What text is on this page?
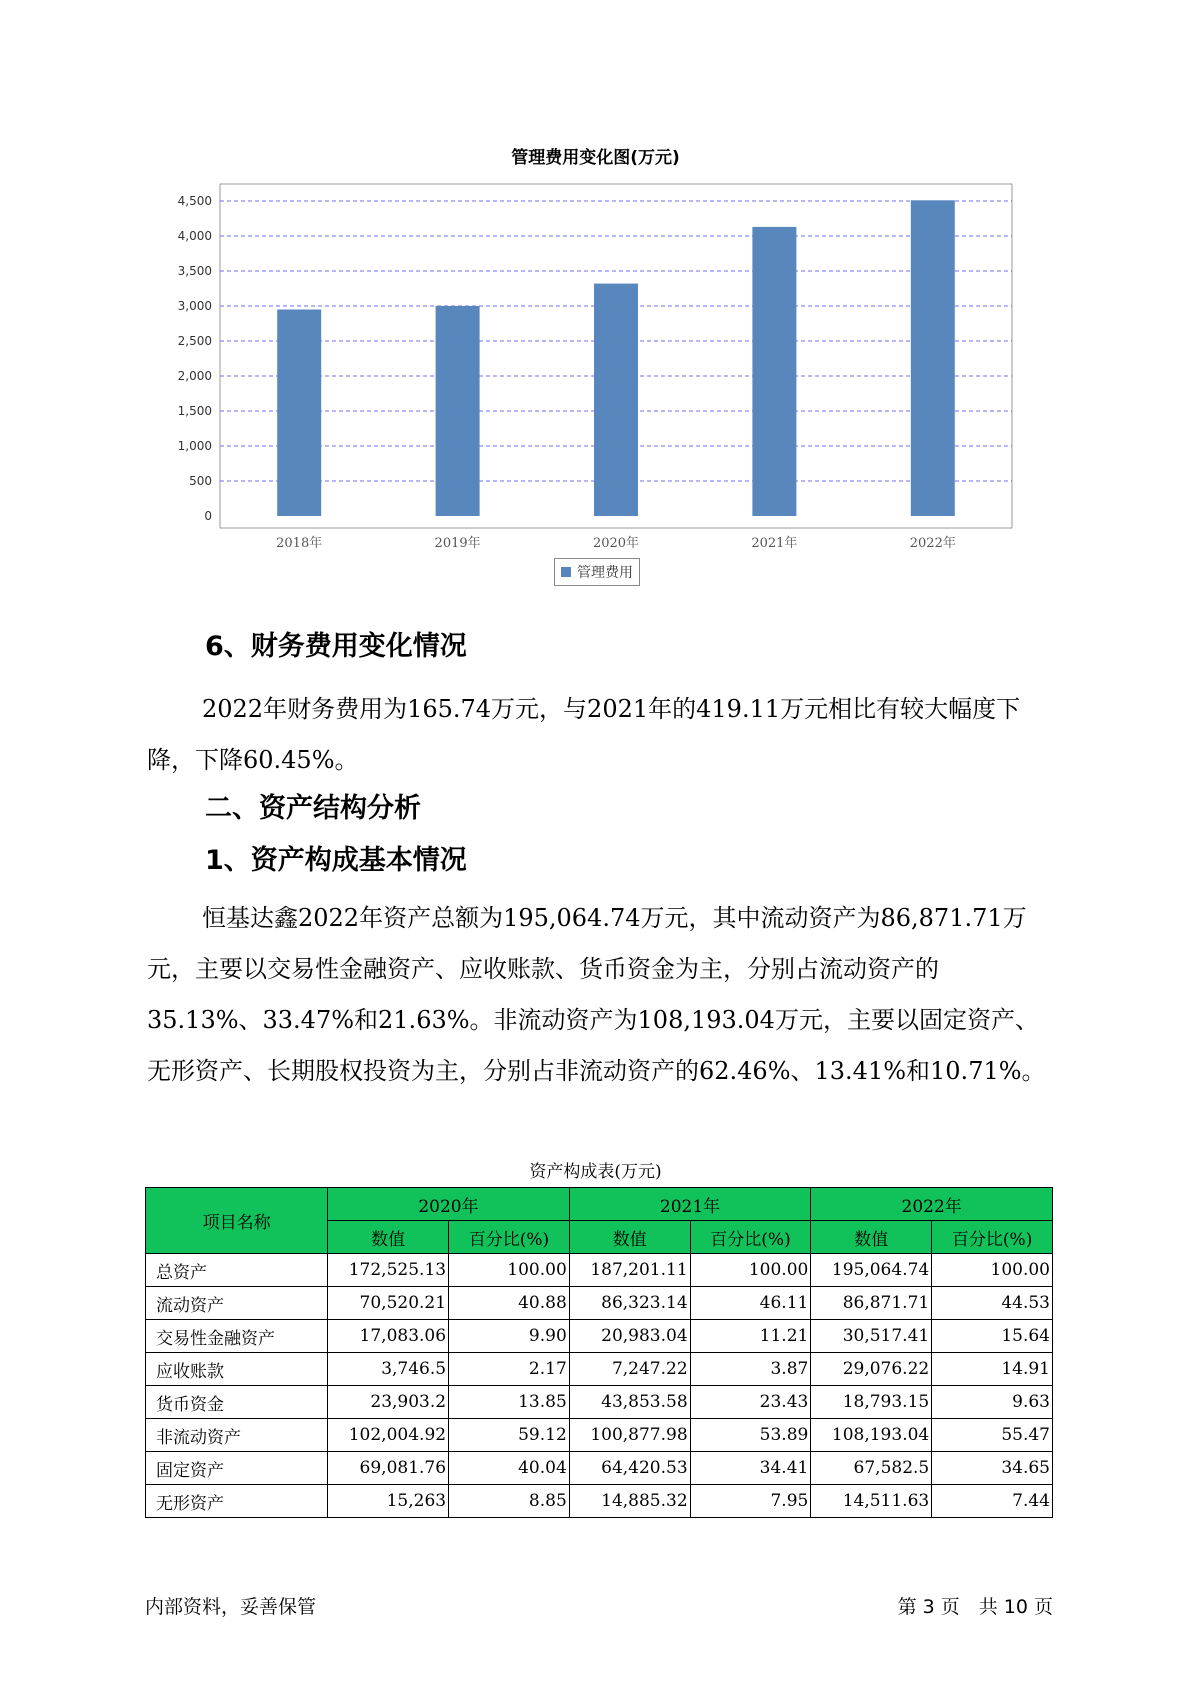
管理费用变化图(万元)
0
500
1,000
1,500
2,000
2,500
3,000
3,500
4,000
4,500
2018年	2019年	2020年	2021年	2022年
管理费用
6、财务费用变化情况
2022年财务费用为165.74万元，与2021年的419.11万元相比有较大幅度下降，下降60.45%。
二、资产结构分析
1、资产构成基本情况
恒基达鑫2022年资产总额为195,064.74万元，其中流动资产为86,871.71万元，主要以交易性金融资产、应收账款、货币资金为主，分别占流动资产的35.13%、33.47%和21.63%。非流动资产为108,193.04万元，主要以固定资产、无形资产、长期股权投资为主，分别占非流动资产的62.46%、13.41%和10.71%。
资产构成表(万元)
项目名称	2020年		2021年		2022年	
	数值	百分比(%)	数值	百分比(%)	数值	百分比(%)
总资产	172,525.13	100.00	187,201.11	100.00	195,064.74	100.00
流动资产	70,520.21	40.88	86,323.14	46.11	86,871.71	44.53
交易性金融资产	17,083.06	9.90	20,983.04	11.21	30,517.41	15.64
应收账款	3,746.5	2.17	7,247.22	3.87	29,076.22	14.91
货币资金	23,903.2	13.85	43,853.58	23.43	18,793.15	9.63
非流动资产	102,004.92	59.12	100,877.98	53.89	108,193.04	55.47
固定资产	69,081.76	40.04	64,420.53	34.41	67,582.5	34.65
无形资产	15,263	8.85	14,885.32	7.95	14,511.63	7.44
内部资料，妥善保管	第 3 页　共 10 页
